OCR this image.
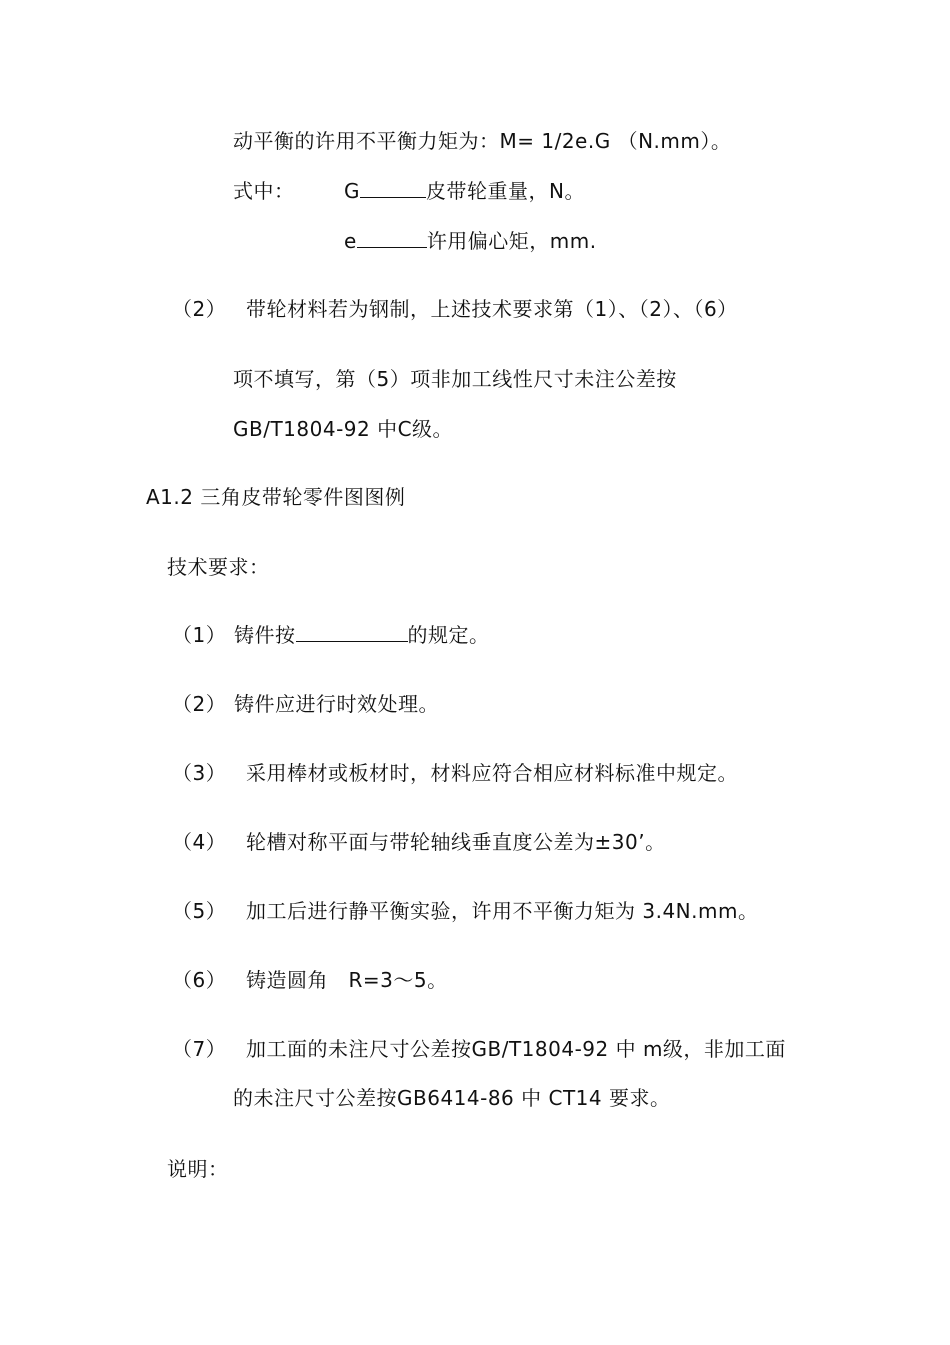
动平衡的许用不平衡力矩为：M= 1/2e.G （N.mm）。
式中： G	皮带轮重量，N。
e	许用偏心矩，mm.
（2） 带轮材料若为钢制，上述技术要求第（1）、（2）、（6）
项不填写，第（5）项非加工线性尺寸未注公差按
GB/T1804-92 中C级。
A1.2 三角皮带轮零件图图例
技术要求：
（1） 铸件按	的规定。
（2） 铸件应进行时效处理。
（3） 采用棒材或板材时，材料应符合相应材料标准中规定。
（4） 轮槽对称平面与带轮轴线垂直度公差为±30’。
（5） 加工后进行静平衡实验，许用不平衡力矩为 3.4N.mm。
（6） 铸造圆角　R=3～5。
（7） 加工面的未注尺寸公差按GB/T1804-92 中 m级，非加工面
的未注尺寸公差按GB6414-86 中 CT14 要求。
说明：
